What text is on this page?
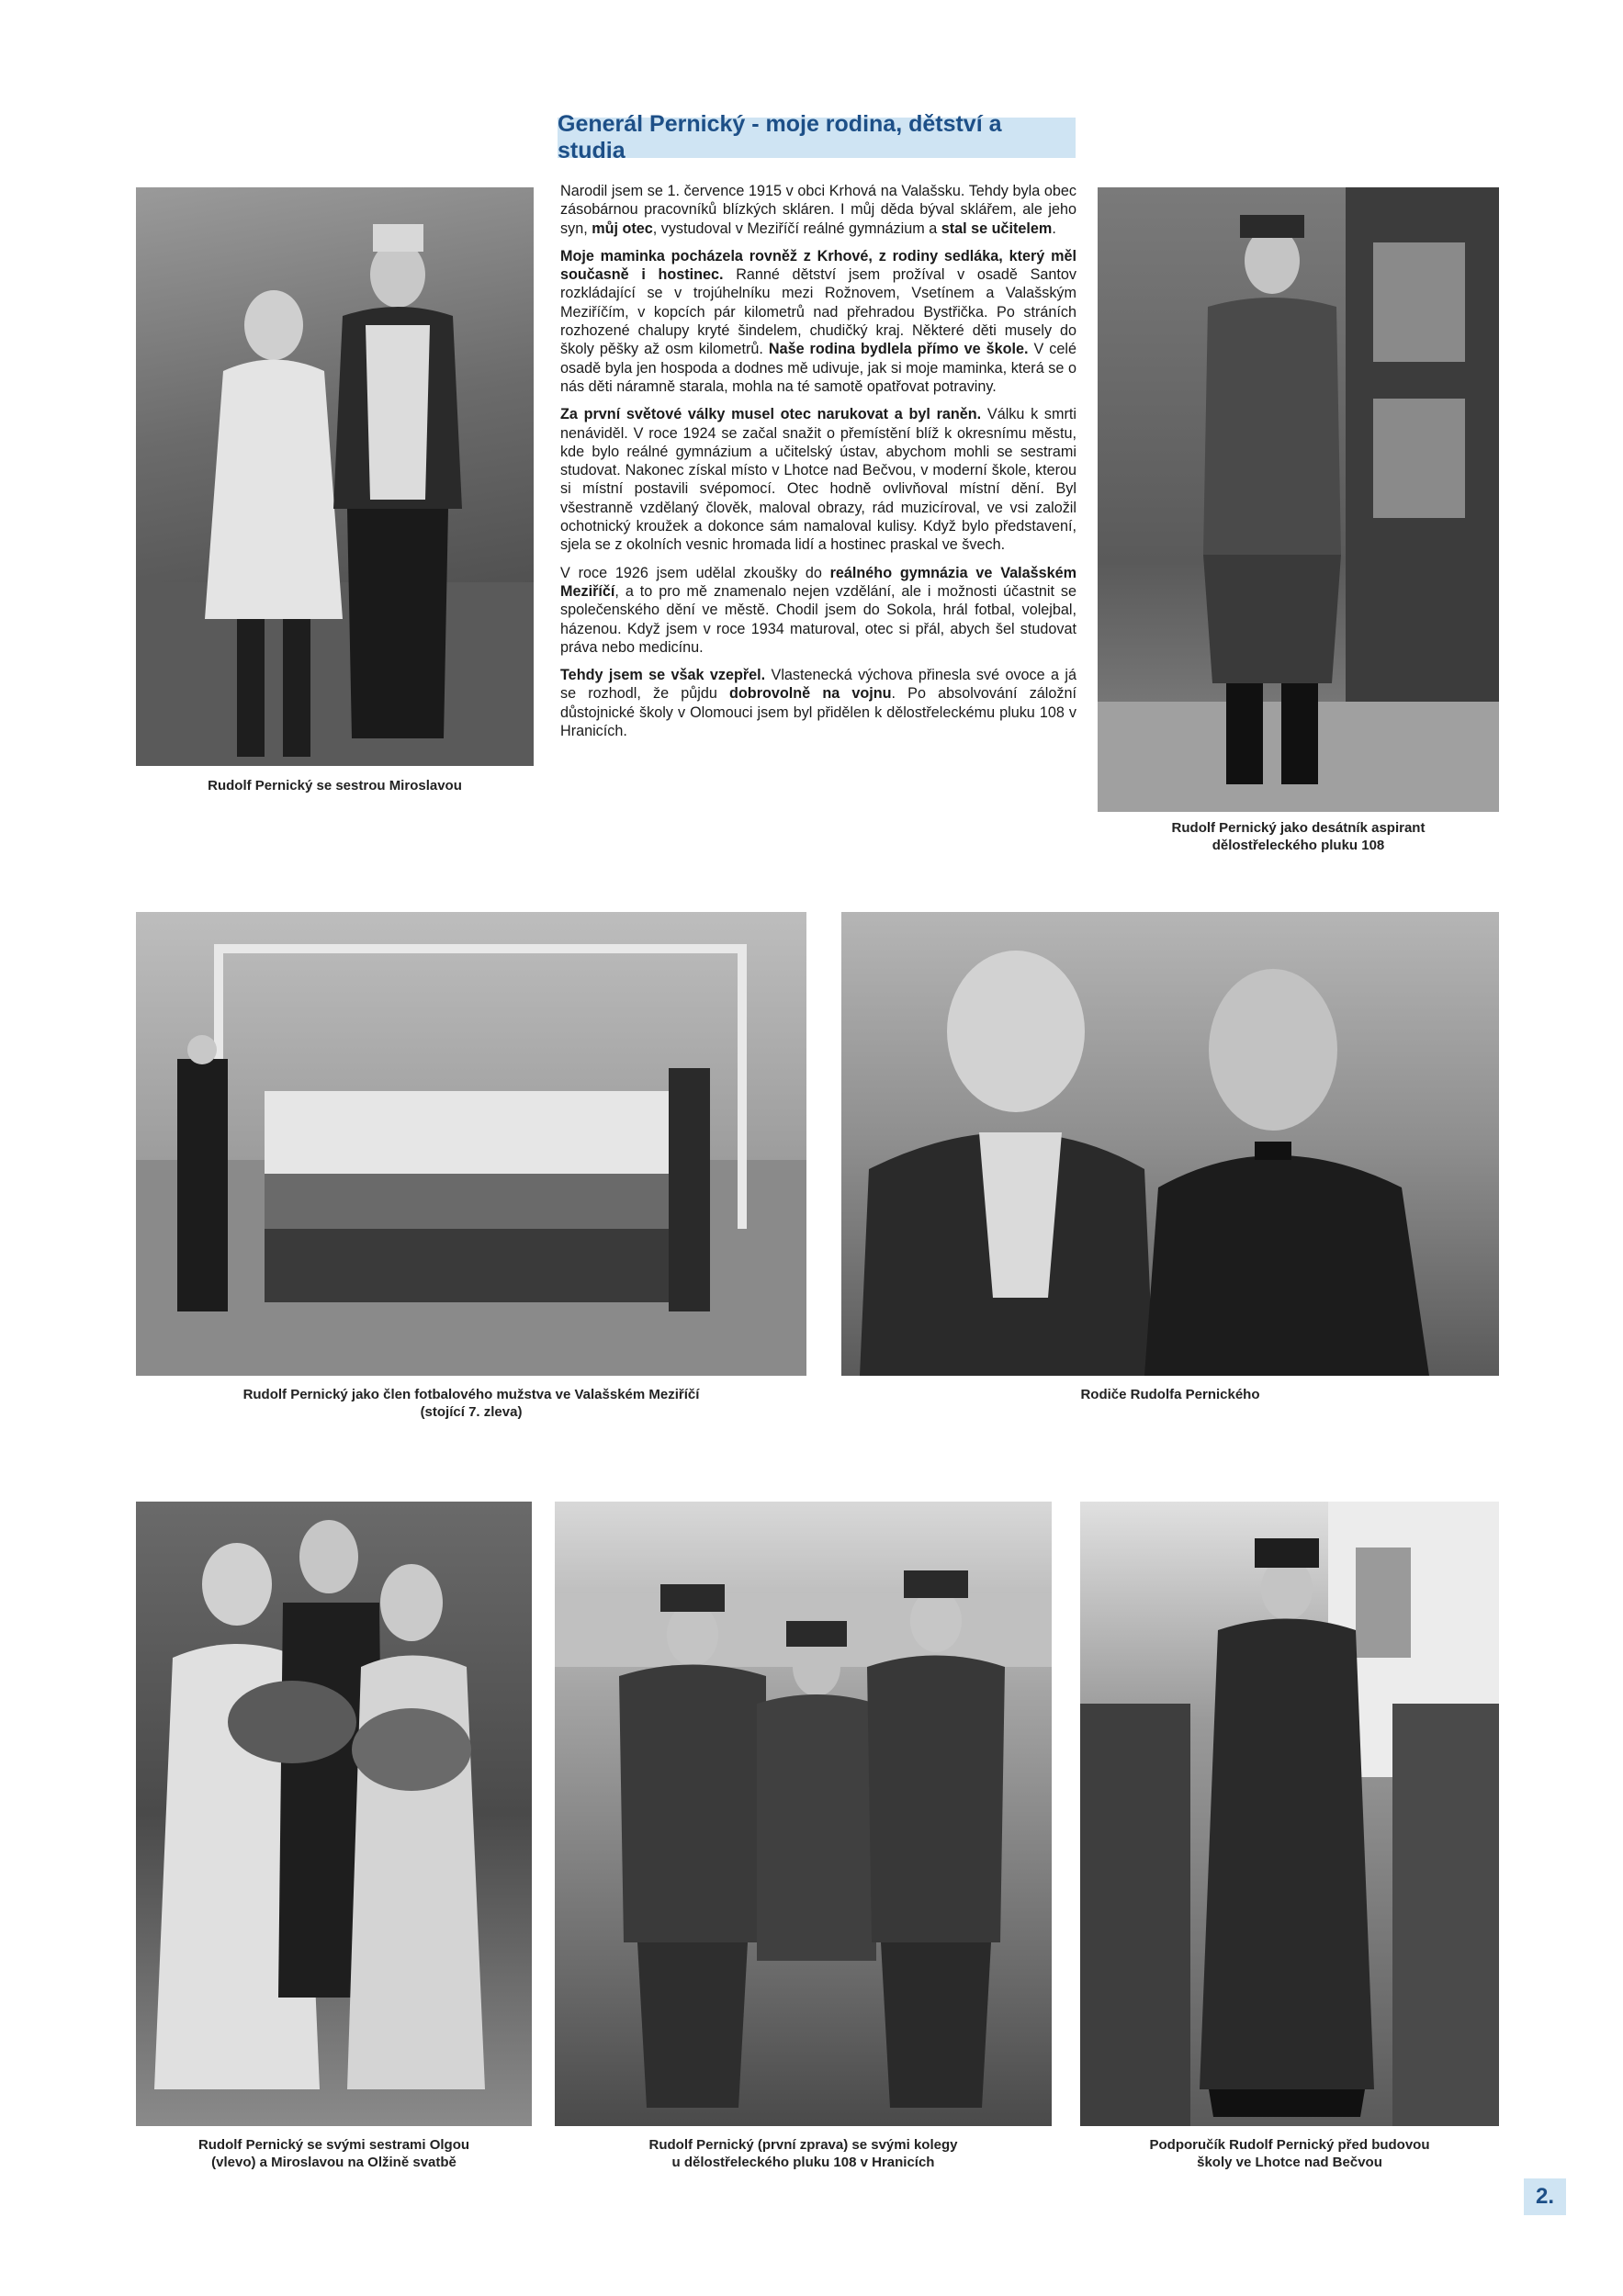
Generál Pernický - moje rodina, dětství a studia
Rudolf Pernický se sestrou Miroslavou

Narodil jsem se 1. července 1915 v obci Krhová na Valašsku. Tehdy byla obec zásobárnou pracovníků blízkých skláren. I můj děda býval sklářem, ale jeho syn, můj otec, vystudoval v Meziříčí reálné gymnázium a stal se učitelem.

Moje maminka pocházela rovněž z Krhové, z rodiny sedláka, který měl současně i hostinec. Ranné dětství jsem prožíval v osadě Santov rozkládající se v trojúhelníku mezi Rožnovem, Vsetínem a Valašským Meziříčím, v kopcích pár kilometrů nad přehradou Bystřička. Po stráních rozhozené chalupy kryté šindelem, chudičký kraj. Některé děti musely do školy pěšky až osm kilometrů. Naše rodina bydlela přímo ve škole. V celé osadě byla jen hospoda a dodnes mě udivuje, jak si moje maminka, která se o nás děti náramně starala, mohla na té samotě opatřovat potraviny.

Za první světové války musel otec narukovat a byl raněn. Válku k smrti nenáviděl. V roce 1924 se začal snažit o přemístění blíž k okresnímu městu, kde bylo reálné gymnázium a učitelský ústav, abychom mohli se sestrami studovat. Nakonec získal místo v Lhotce nad Bečvou, v moderní škole, kterou si místní postavili svépomocí. Otec hodně ovlivňoval místní dění. Byl všestranně vzdělaný člověk, maloval obrazy, rád muzicíroval, ve vsi založil ochotnický kroužek a dokonce sám namaloval kulisy. Když bylo představení, sjela se z okolních vesnic hromada lidí a hostinec praskal ve švech.

V roce 1926 jsem udělal zkoušky do reálného gymnázia ve Valašském Meziříčí, a to pro mě znamenalo nejen vzdělání, ale i možnosti účastnit se společenského dění ve městě. Chodil jsem do Sokola, hrál fotbal, volejbal, házenou. Když jsem v roce 1934 maturoval, otec si přál, abych šel studovat práva nebo medicínu.

Tehdy jsem se však vzepřel. Vlastenecká výchova přinesla své ovoce a já se rozhodl, že půjdu dobrovolně na vojnu. Po absolvování záložní důstojnické školy v Olomouci jsem byl přidělen k dělostřeleckému pluku 108 v Hranicích.

Rudolf Pernický jako desátník aspirant
dělostřeleckého pluku 108
Rudolf Pernický jako člen fotbalového mužstva ve Valašském Meziříčí
(stojící 7. zleva)
Rodiče Rudolfa Pernického
Rudolf Pernický se svými sestrami Olgou
(vlevo) a Miroslavou na Olžině svatbě
Rudolf Pernický (první zprava) se svými kolegy
u dělostřeleckého pluku 108 v Hranicích
Podporučík Rudolf Pernický před budovou
školy ve Lhotce nad Bečvou
2.
